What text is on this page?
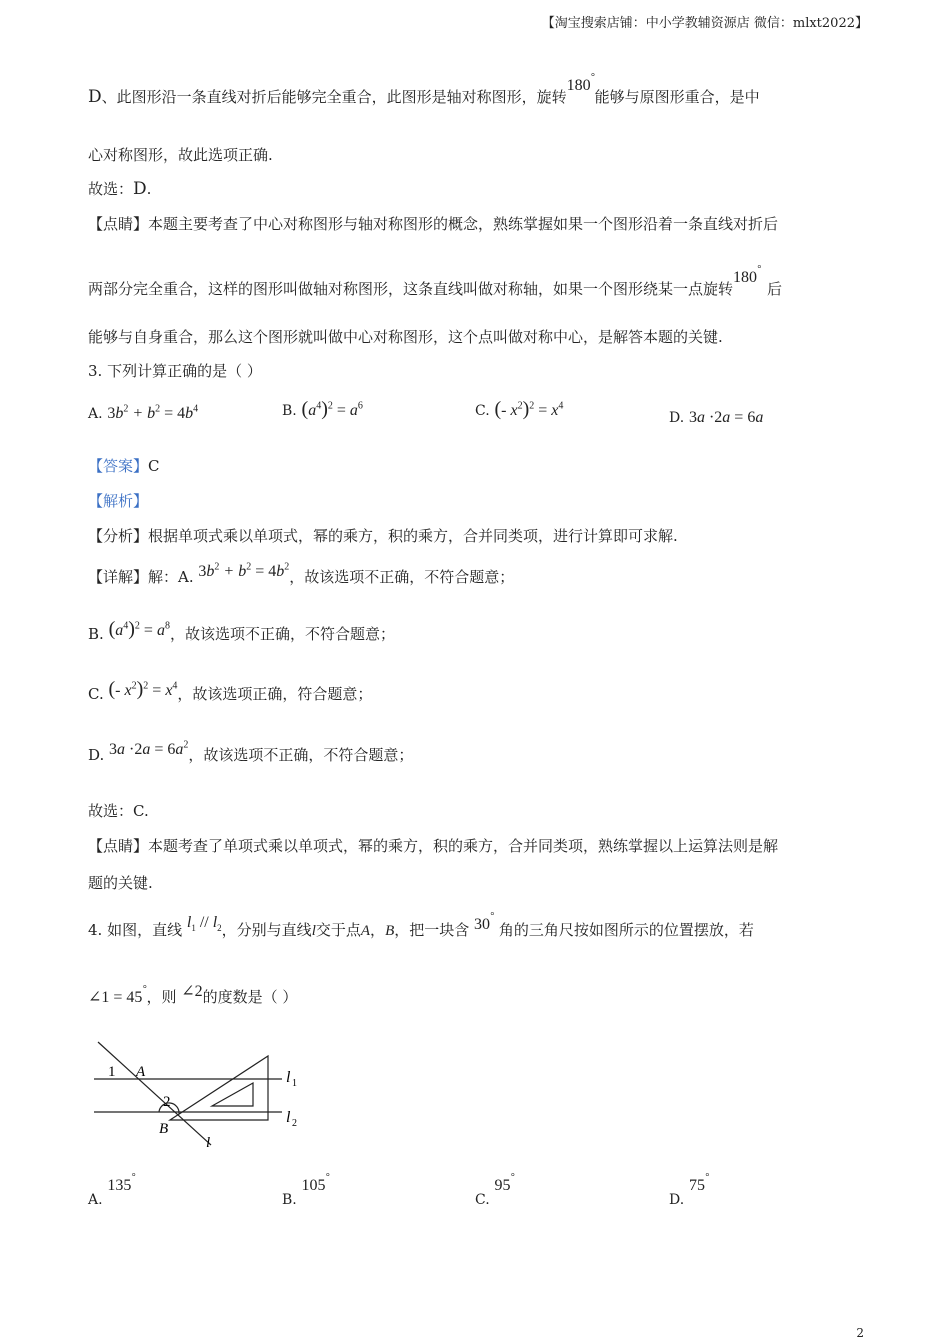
【淘宝搜索店铺：中小学教辅资源店 微信：mlxt2022】
D、此图形沿一条直线对折后能够完全重合，此图形是轴对称图形，旋转180°能够与原图形重合，是中
心对称图形，故此选项正确.
故选：D.
【点睛】本题主要考查了中心对称图形与轴对称图形的概念，熟练掌握如果一个图形沿着一条直线对折后
两部分完全重合，这样的图形叫做轴对称图形，这条直线叫做对称轴，如果一个图形绕某一点旋转180°后
能够与自身重合，那么这个图形就叫做中心对称图形，这个点叫做对称中心，是解答本题的关键.
3. 下列计算正确的是（ ）
A. $3b^2 + b^2 = 4b^4$	B. $(a^4)^2 = a^6$	C. (- $x^2)^2 = x^4$
D. 3a ·2a = 6a
【答案】C
【解析】
【分析】根据单项式乘以单项式，幂的乘方，积的乘方，合并同类项，进行计算即可求解.
【详解】解：A. $3b^2 + b^2 = 4b^2$，故该选项不正确，不符合题意；
B. $(a^4)^2 = a^8$，故该选项不正确，不符合题意；
C. (- $x^2)^2 = x^4$，故该选项正确，符合题意；
D. $3a \cdot 2a = 6a^2$，故该选项不正确，不符合题意；
故选：C.
【点睛】本题考查了单项式乘以单项式，幂的乘方，积的乘方，合并同类项，熟练掌握以上运算法则是解
题的关键.
4. 如图，直线 $l_1 // l_2$，分别与直线l交于点A，B，把一块含 30° 角的三角尺按如图所示的位置摆放，若
∠1 = 45°，则 ∠2的度数是（ ）
1 A
2
B
l
l 1
l 2
A. 135°
B. 105°
C. 95°
D. 75°
2
